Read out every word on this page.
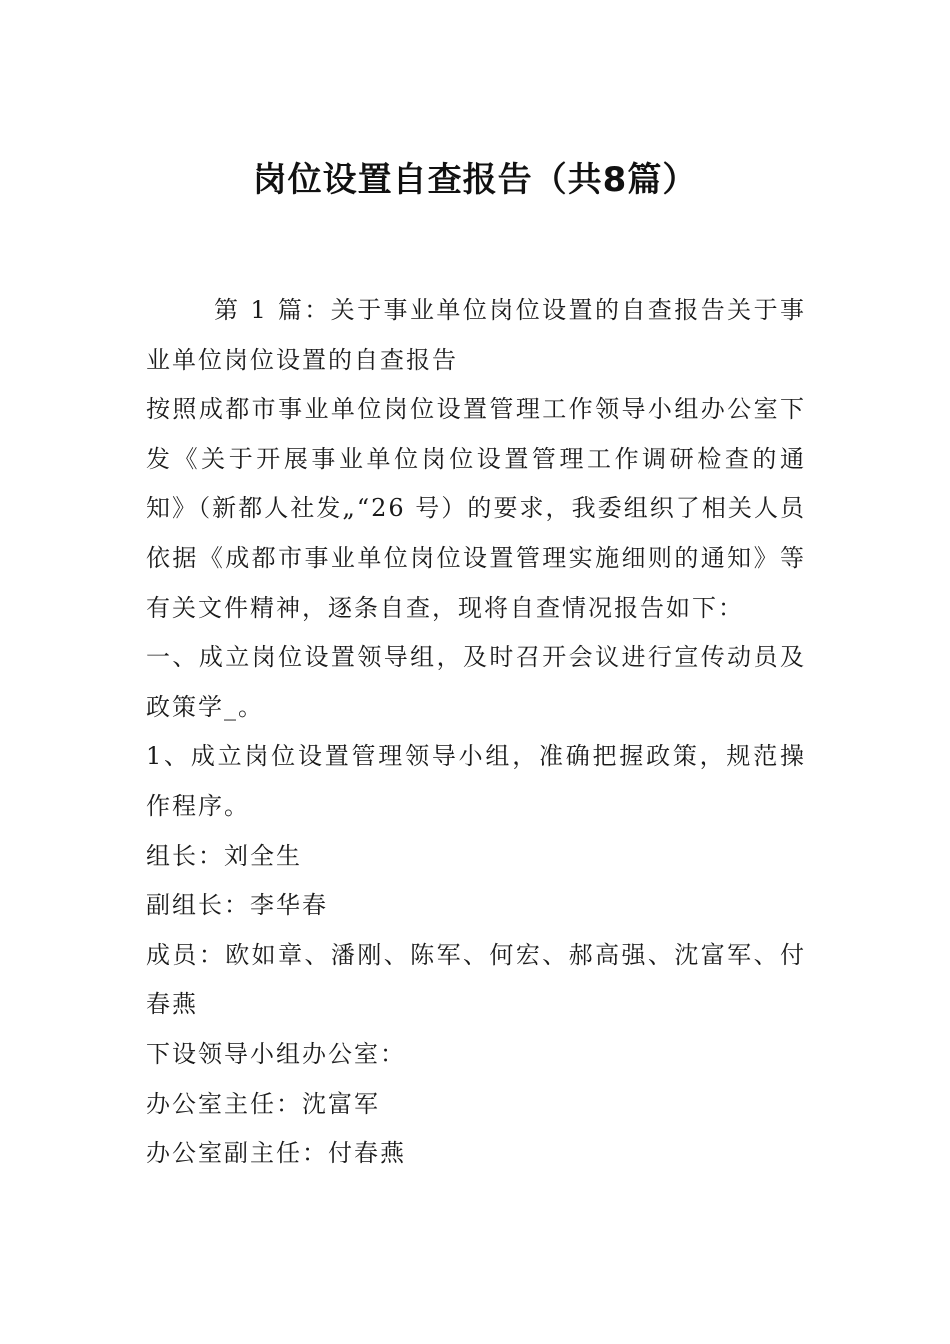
岗位设置自查报告（共8篇）

第 1 篇：关于事业单位岗位设置的自查报告关于事业单位岗位设置的自查报告

按照成都市事业单位岗位设置管理工作领导小组办公室下发《关于开展事业单位岗位设置管理工作调研检查的通知》（新都人社发„“26 号）的要求，我委组织了相关人员依据《成都市事业单位岗位设置管理实施细则的通知》等有关文件精神，逐条自查，现将自查情况报告如下：

一、成立岗位设置领导组，及时召开会议进行宣传动员及政策学_。

1、成立岗位设置管理领导小组，准确把握政策，规范操作程序。

组长：刘全生

副组长：李华春

成员：欧如章、潘刚、陈军、何宏、郝高强、沈富军、付春燕

下设领导小组办公室：

办公室主任：沈富军

办公室副主任：付春燕
